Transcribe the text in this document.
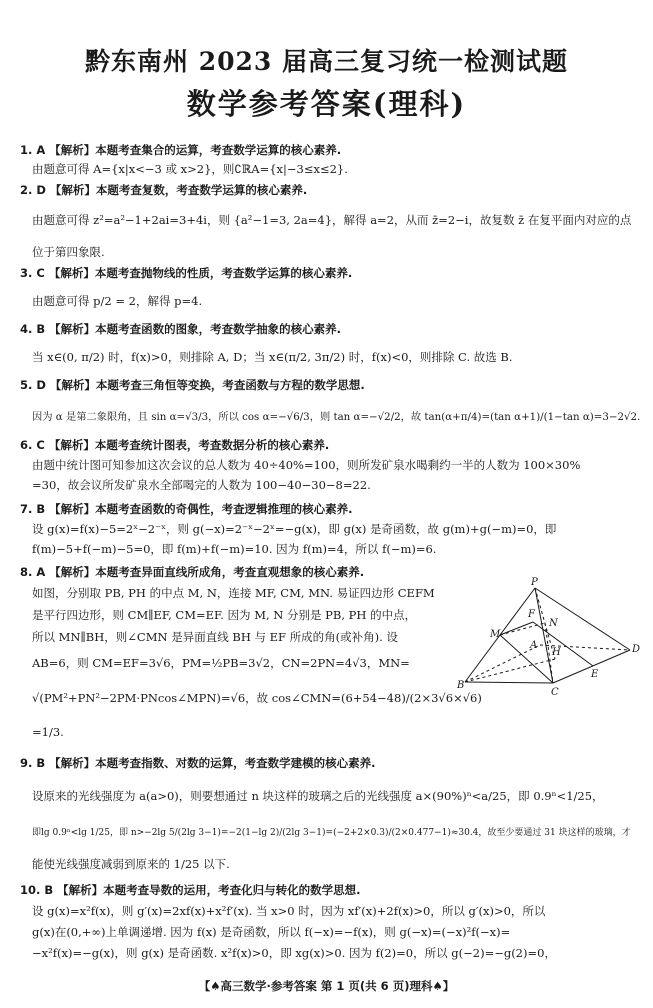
黔东南州 2023 届高三复习统一检测试题
数学参考答案(理科)
1. A 【解析】本题考查集合的运算，考查数学运算的核心素养.
由题意可得 A={x|x<−3 或 x>2}，则∁ℝA={x|−3≤x≤2}.
2. D 【解析】本题考查复数，考查数学运算的核心素养.
由题意可得 z²=a²−1+2ai=3+4i，则 {a²−1=3, 2a=4}，解得 a=2，从而 z̄=2−i，故复数 z̄ 在复平面内对应的点
位于第四象限.
3. C 【解析】本题考查抛物线的性质，考查数学运算的核心素养.
由题意可得 p/2 = 2，解得 p=4.
4. B 【解析】本题考查函数的图象，考查数学抽象的核心素养.
当 x∈(0, π/2) 时，f(x)>0，则排除 A, D；当 x∈(π/2, 3π/2) 时，f(x)<0，则排除 C. 故选 B.
5. D 【解析】本题考查三角恒等变换，考查函数与方程的数学思想.
因为 α 是第二象限角，且 sin α=√3/3，所以 cos α=−√6/3，则 tan α=−√2/2，故 tan(α+π/4)=(tan α+1)/(1−tan α)=3−2√2.
6. C 【解析】本题考查统计图表，考查数据分析的核心素养.
由题中统计图可知参加这次会议的总人数为 40÷40%=100，则所发矿泉水喝剩约一半的人数为 100×30%
=30，故会议所发矿泉水全部喝完的人数为 100−40−30−8=22.
7. B 【解析】本题考查函数的奇偶性，考查逻辑推理的核心素养.
设 g(x)=f(x)−5=2ˣ−2⁻ˣ，则 g(−x)=2⁻ˣ−2ˣ=−g(x)，即 g(x) 是奇函数，故 g(m)+g(−m)=0，即
f(m)−5+f(−m)−5=0，即 f(m)+f(−m)=10. 因为 f(m)=4，所以 f(−m)=6.
8. A 【解析】本题考查异面直线所成角，考查直观想象的核心素养.
如图，分别取 PB, PH 的中点 M, N，连接 MF, CM, MN. 易证四边形 CEFM
是平行四边形，则 CM∥EF, CM=EF. 因为 M, N 分别是 PB, PH 的中点，
所以 MN∥BH，则∠CMN 是异面直线 BH 与 EF 所成的角(或补角). 设
AB=6，则 CM=EF=3√6，PM=½PB=3√2，CN=2PN=4√3，MN=
√(PM²+PN²−2PM·PNcos∠MPN)=√6，故 cos∠CMN=(6+54−48)/(2×3√6×√6)
=1/3.
P
F
N
M
A
H	D
E
B
C
9. B 【解析】本题考查指数、对数的运算，考查数学建模的核心素养.
设原来的光线强度为 a(a>0)，则要想通过 n 块这样的玻璃之后的光线强度 a×(90%)ⁿ<a/25，即 0.9ⁿ<1/25，
即lg 0.9ⁿ<lg 1/25，即 n>−2lg 5/(2lg 3−1)=−2(1−lg 2)/(2lg 3−1)=(−2+2×0.3)/(2×0.477−1)≈30.4，故至少要通过 31 块这样的玻璃，才
能使光线强度减弱到原来的 1/25 以下.
10. B 【解析】本题考查导数的运用，考查化归与转化的数学思想.
设 g(x)=x²f(x)，则 g′(x)=2xf(x)+x²f′(x). 当 x>0 时，因为 xf′(x)+2f(x)>0，所以 g′(x)>0，所以
g(x)在(0,+∞)上单调递增. 因为 f(x) 是奇函数，所以 f(−x)=−f(x)，则 g(−x)=(−x)²f(−x)=
−x²f(x)=−g(x)，则 g(x) 是奇函数. x²f(x)>0，即 xg(x)>0. 因为 f(2)=0，所以 g(−2)=−g(2)=0，
【♠高三数学·参考答案 第 1 页(共 6 页)理科♠】
